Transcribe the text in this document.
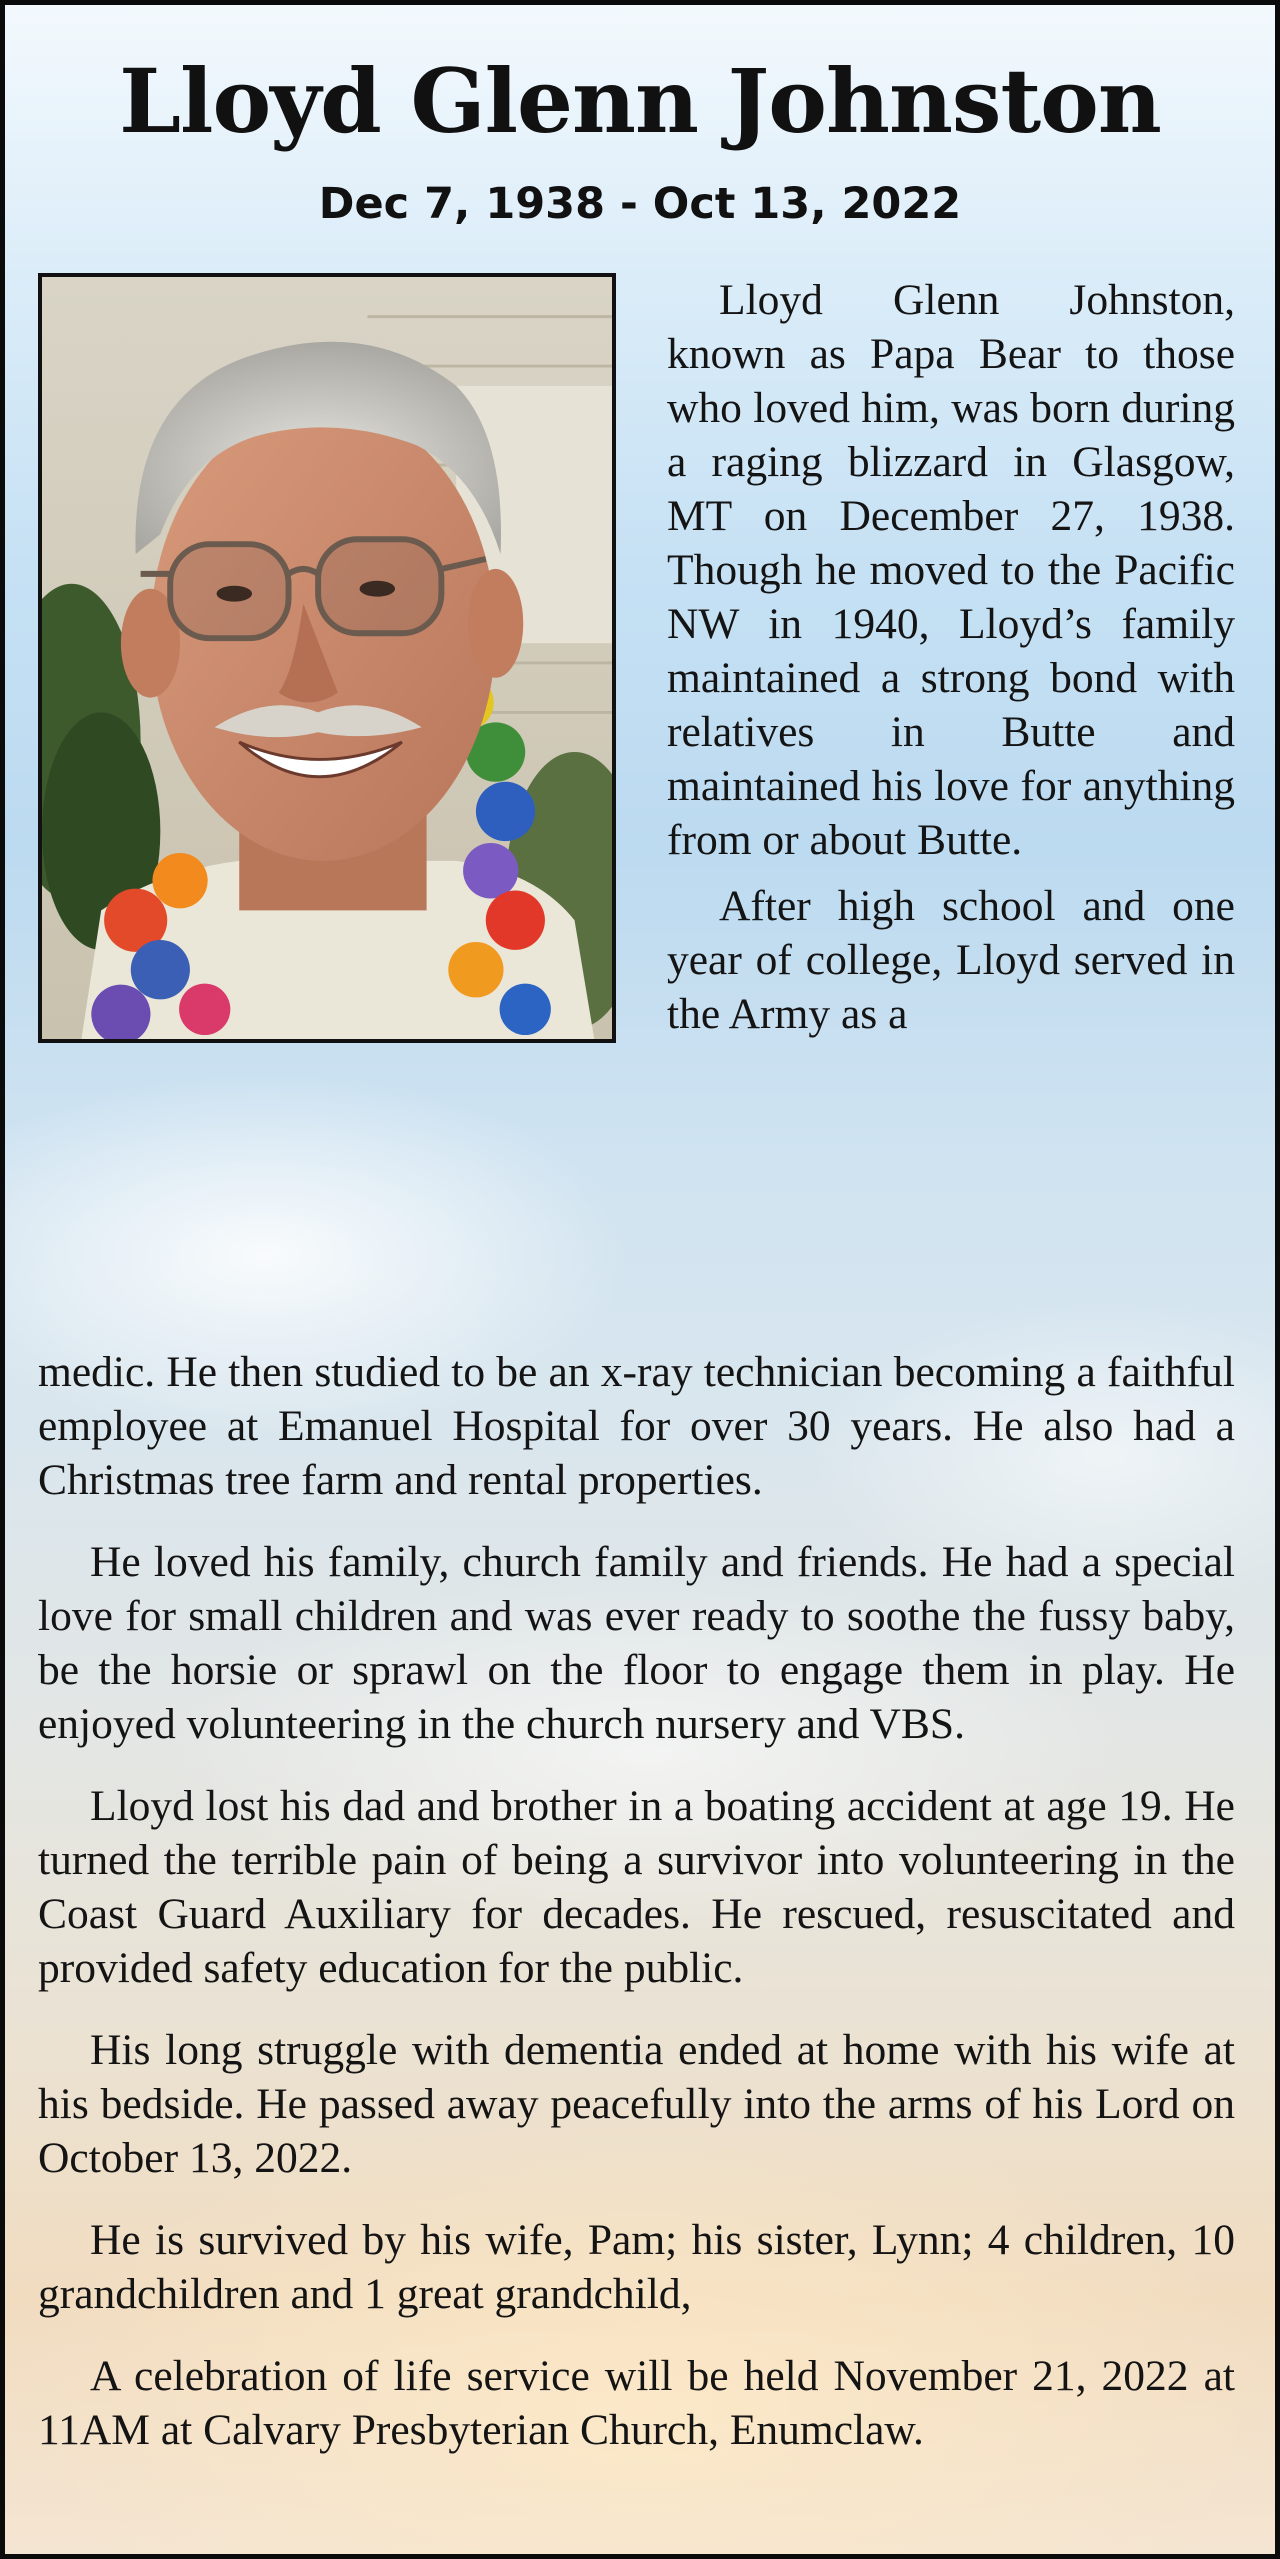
Lloyd Glenn Johnston
Dec 7, 1938 - Oct 13, 2022

Lloyd Glenn Johnston, known as Papa Bear to those who loved him, was born during a raging blizzard in Glasgow, MT on December 27, 1938. Though he moved to the Pacific NW in 1940, Lloyd’s family maintained a strong bond with relatives in Butte and maintained his love for anything from or about Butte.

After high school and one year of college, Lloyd served in the Army as a

medic. He then studied to be an x-ray technician becoming a faithful employee at Emanuel Hospital for over 30 years. He also had a Christmas tree farm and rental properties.

He loved his family, church family and friends. He had a special love for small children and was ever ready to soothe the fussy baby, be the horsie or sprawl on the floor to engage them in play. He enjoyed volunteering in the church nursery and VBS.

Lloyd lost his dad and brother in a boating accident at age 19. He turned the terrible pain of being a survivor into volunteering in the Coast Guard Auxiliary for decades. He rescued, resuscitated and provided safety education for the public.

His long struggle with dementia ended at home with his wife at his bedside. He passed away peacefully into the arms of his Lord on October 13, 2022.

He is survived by his wife, Pam; his sister, Lynn; 4 children, 10 grandchildren and 1 great grandchild,

A celebration of life service will be held November 21, 2022 at 11AM at Calvary Presbyterian Church, Enumclaw.
